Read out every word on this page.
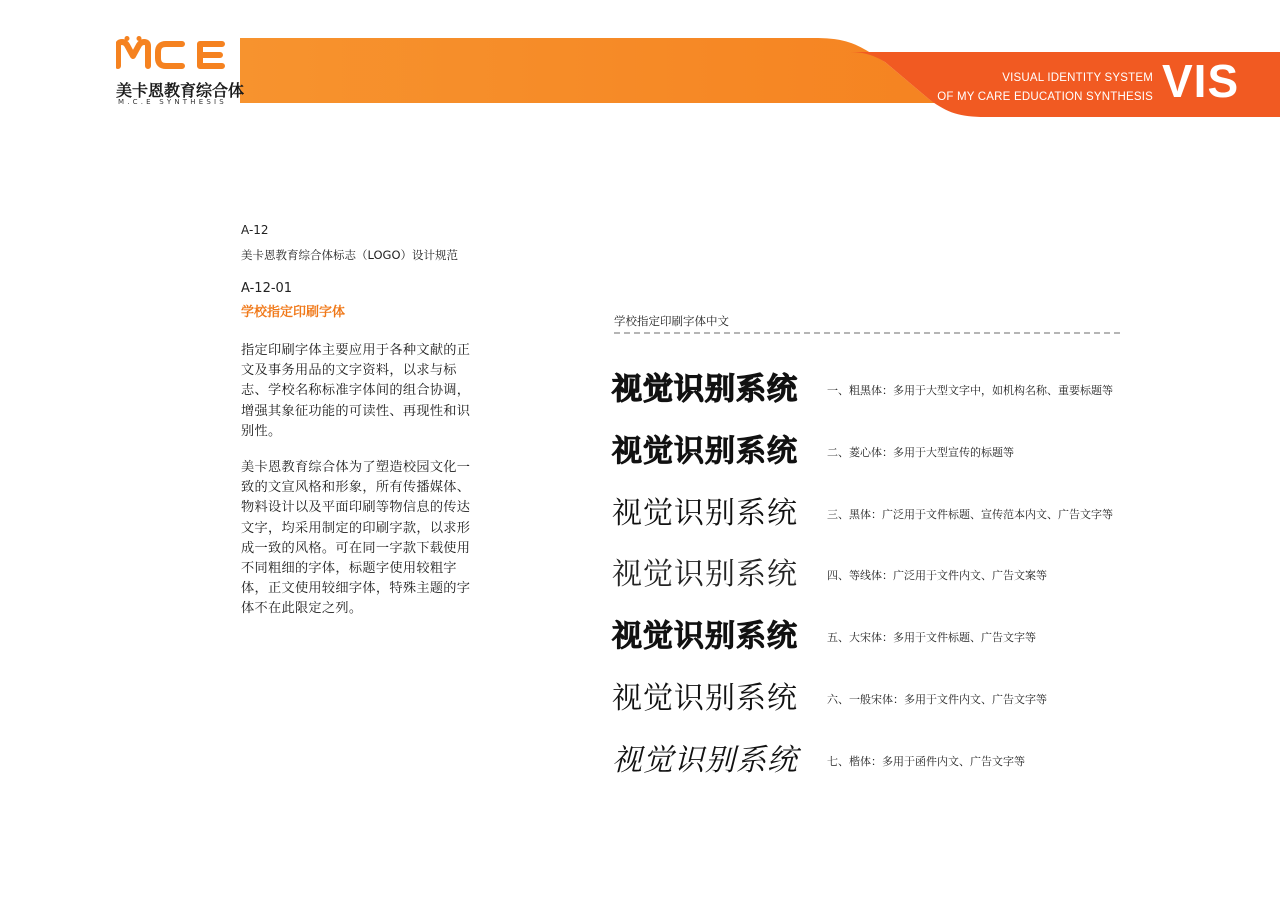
VISUAL IDENTITY SYSTEM
OF MY CARE EDUCATION SYNTHESIS VIS
美卡恩教育综合体
M.C.E SYNTHESIS
A-12
美卡恩教育综合体标志（LOGO）设计规范
A-12-01
学校指定印刷字体
指定印刷字体主要应用于各种文献的正文及事务用品的文字资料，以求与标志、学校名称标准字体间的组合协调，增强其象征功能的可读性、再现性和识别性。
美卡恩教育综合体为了塑造校园文化一致的文宣风格和形象，所有传播媒体、物料设计以及平面印刷等物信息的传达文字，均采用制定的印刷字款，以求形成一致的风格。可在同一字款下载使用不同粗细的字体，标题字使用较粗字体，正文使用较细字体，特殊主题的字体不在此限定之列。
学校指定印刷字体中文
视觉识别系统	一、粗黑体：多用于大型文字中，如机构名称、重要标题等
视觉识别系统	二、菱心体：多用于大型宣传的标题等
视觉识别系统	三、黑体：广泛用于文件标题、宣传范本内文、广告文字等
视觉识别系统	四、等线体：广泛用于文件内文、广告文案等
视觉识别系统	五、大宋体：多用于文件标题、广告文字等
视觉识别系统	六、一般宋体：多用于文件内文、广告文字等
视觉识别系统	七、楷体：多用于函件内文、广告文字等
